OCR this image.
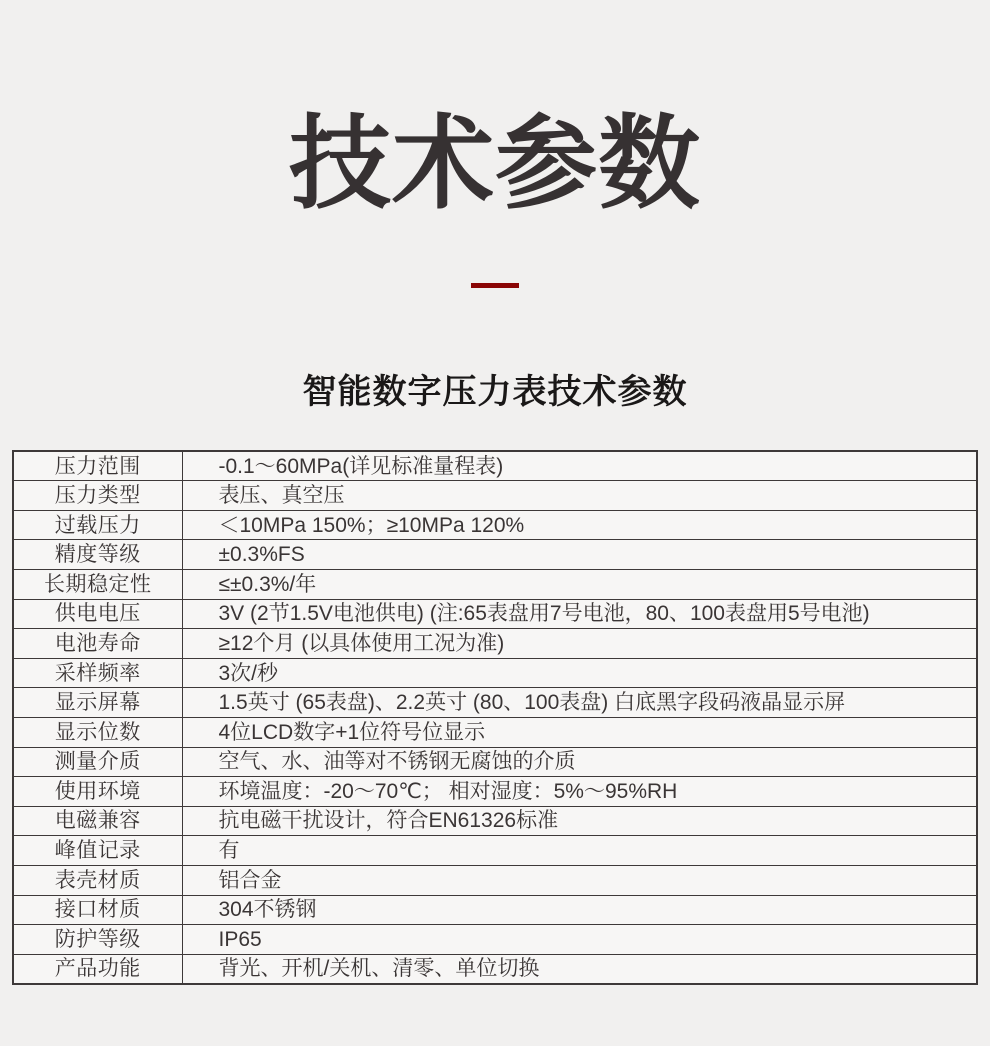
技术参数
智能数字压力表技术参数
压力范围	-0.1～60MPa(详见标准量程表)
压力类型	表压、真空压
过载压力	＜10MPa 150%；≥10MPa 120%
精度等级	±0.3%FS
长期稳定性	≤±0.3%/年
供电电压	3V (2节1.5V电池供电) (注:65表盘用7号电池，80、100表盘用5号电池)
电池寿命	≥12个月 (以具体使用工况为准)
采样频率	3次/秒
显示屏幕	1.5英寸 (65表盘)、2.2英寸 (80、100表盘) 白底黑字段码液晶显示屏
显示位数	4位LCD数字+1位符号位显示
测量介质	空气、水、油等对不锈钢无腐蚀的介质
使用环境	环境温度：-20～70℃； 相对湿度：5%～95%RH
电磁兼容	抗电磁干扰设计，符合EN61326标准
峰值记录	有
表壳材质	铝合金
接口材质	304不锈钢
防护等级	IP65
产品功能	背光、开机/关机、清零、单位切换
